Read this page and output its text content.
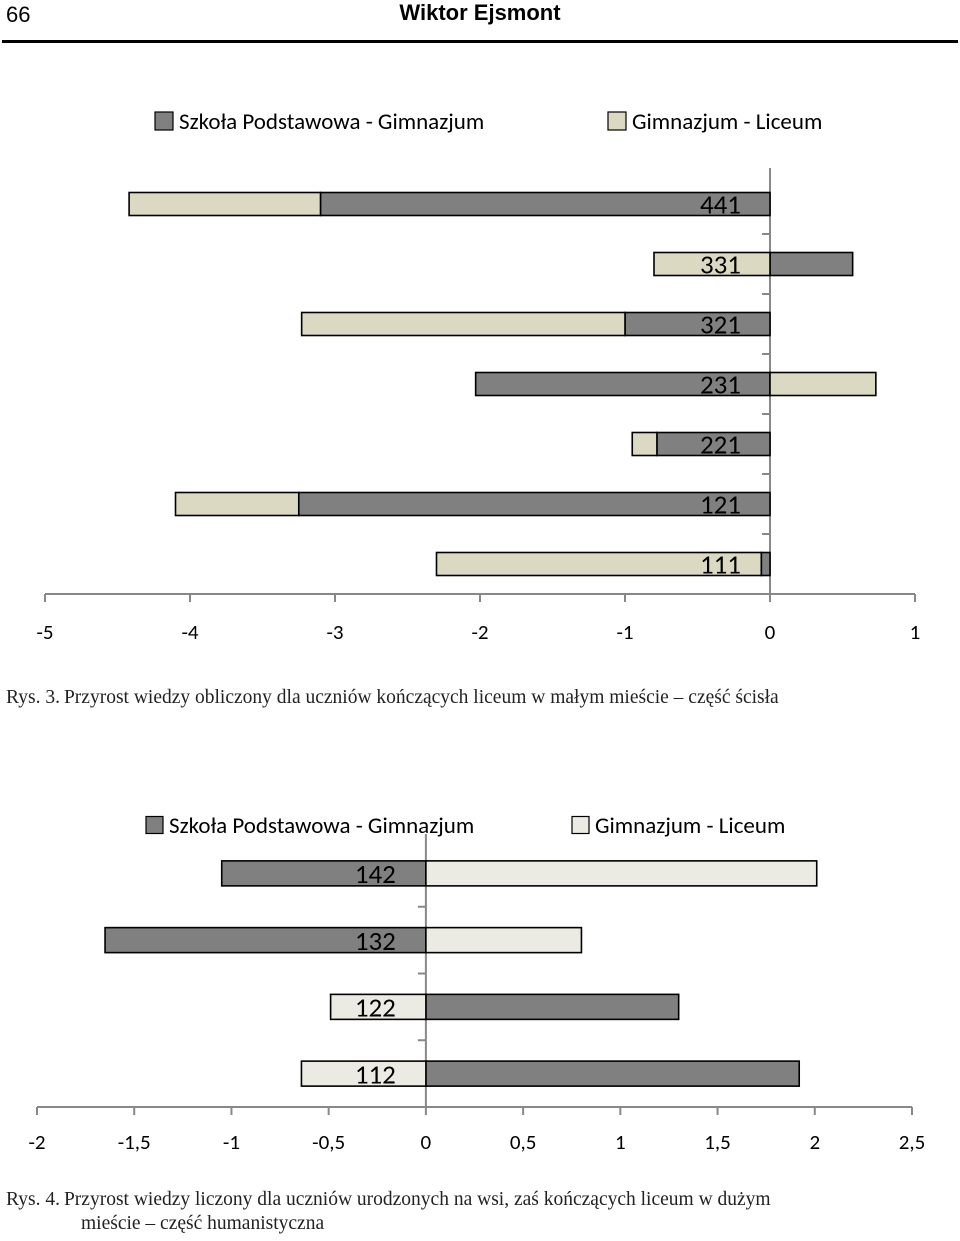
66	Wiktor Ejsmont
Szkoła Podstawowa - Gimnazjum	Gimnazjum - Liceum
441
331
321
231
221
121
111
-5	-4	-3	-2	-1	0	1
Rys. 3. Przyrost wiedzy obliczony dla uczniów kończących liceum w małym mieście – część ścisła
Szkoła Podstawowa - Gimnazjum	Gimnazjum - Liceum
142
132
122
112
-2	-1,5	-1	-0,5	0	0,5	1	1,5	2	2,5
Rys. 4. Przyrost wiedzy liczony dla uczniów urodzonych na wsi, zaś kończących liceum w dużym
mieście – część humanistyczna
